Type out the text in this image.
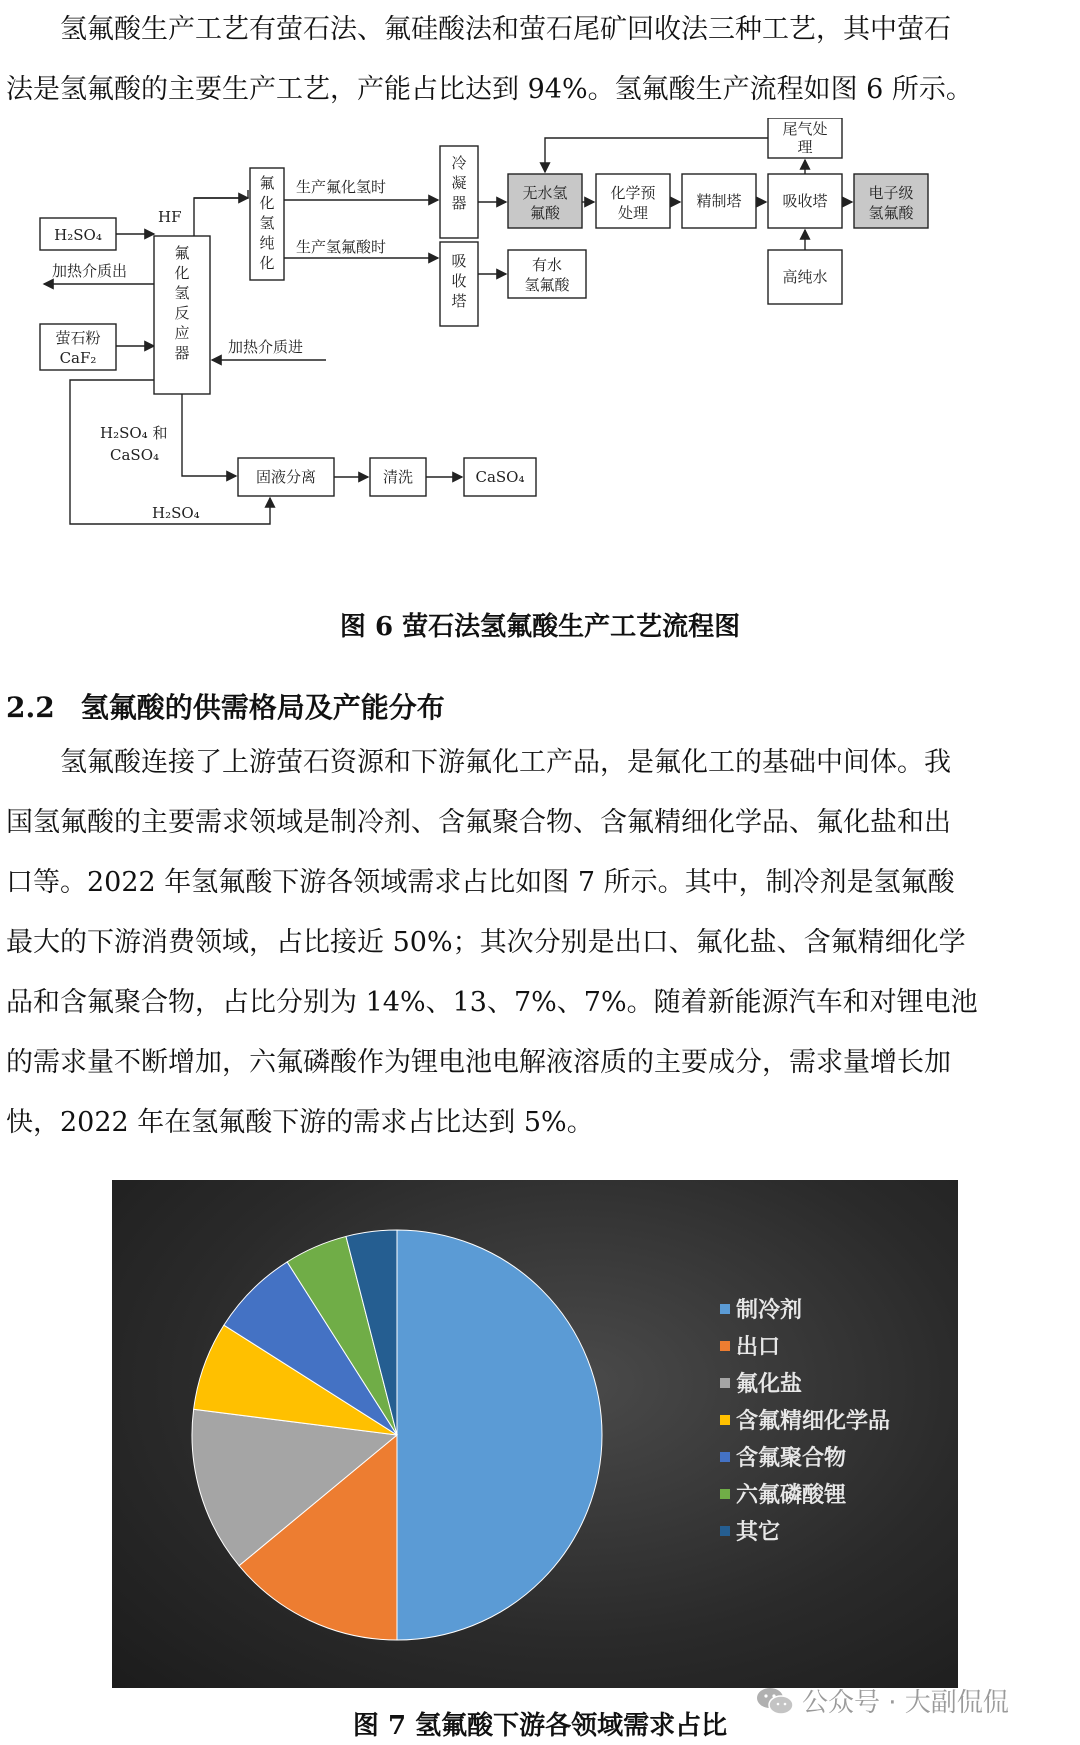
氢氟酸生产工艺有萤石法、氟硅酸法和萤石尾矿回收法三种工艺，其中萤石
法是氢氟酸的主要生产工艺，产能占比达到 94%。氢氟酸生产流程如图 6 所示。

H₂SO₄
萤石粉
CaF₂
加热介质出
氟
化
氢
反
应
器	加热介质进
HF
氟
化
氢
纯
化
生产氟化氢时
生产氢氟酸时
冷
凝
器
吸
收
塔
无水氢
氟酸
有水
氢氟酸
化学预
处理
精制塔	吸收塔	电子级
氢氟酸
尾气处
理
高纯水
H₂SO₄ 和
CaSO₄
固液分离	清洗	CaSO₄
H₂SO₄
图 6 萤石法氢氟酸生产工艺流程图
2.2 氢氟酸的供需格局及产能分布

氢氟酸连接了上游萤石资源和下游氟化工产品，是氟化工的基础中间体。我
国氢氟酸的主要需求领域是制冷剂、含氟聚合物、含氟精细化学品、氟化盐和出
口等。2022 年氢氟酸下游各领域需求占比如图 7 所示。其中，制冷剂是氢氟酸
最大的下游消费领域，占比接近 50%；其次分别是出口、氟化盐、含氟精细化学
品和含氟聚合物，占比分别为 14%、13、7%、7%。随着新能源汽车和对锂电池
的需求量不断增加，六氟磷酸作为锂电池电解液溶质的主要成分，需求量增长加
快，2022 年在氢氟酸下游的需求占比达到 5%。

制冷剂
出口
氟化盐
含氟精细化学品
含氟聚合物
六氟磷酸锂
其它
图 7 氢氟酸下游各领域需求占比
公众号 · 大副侃侃
